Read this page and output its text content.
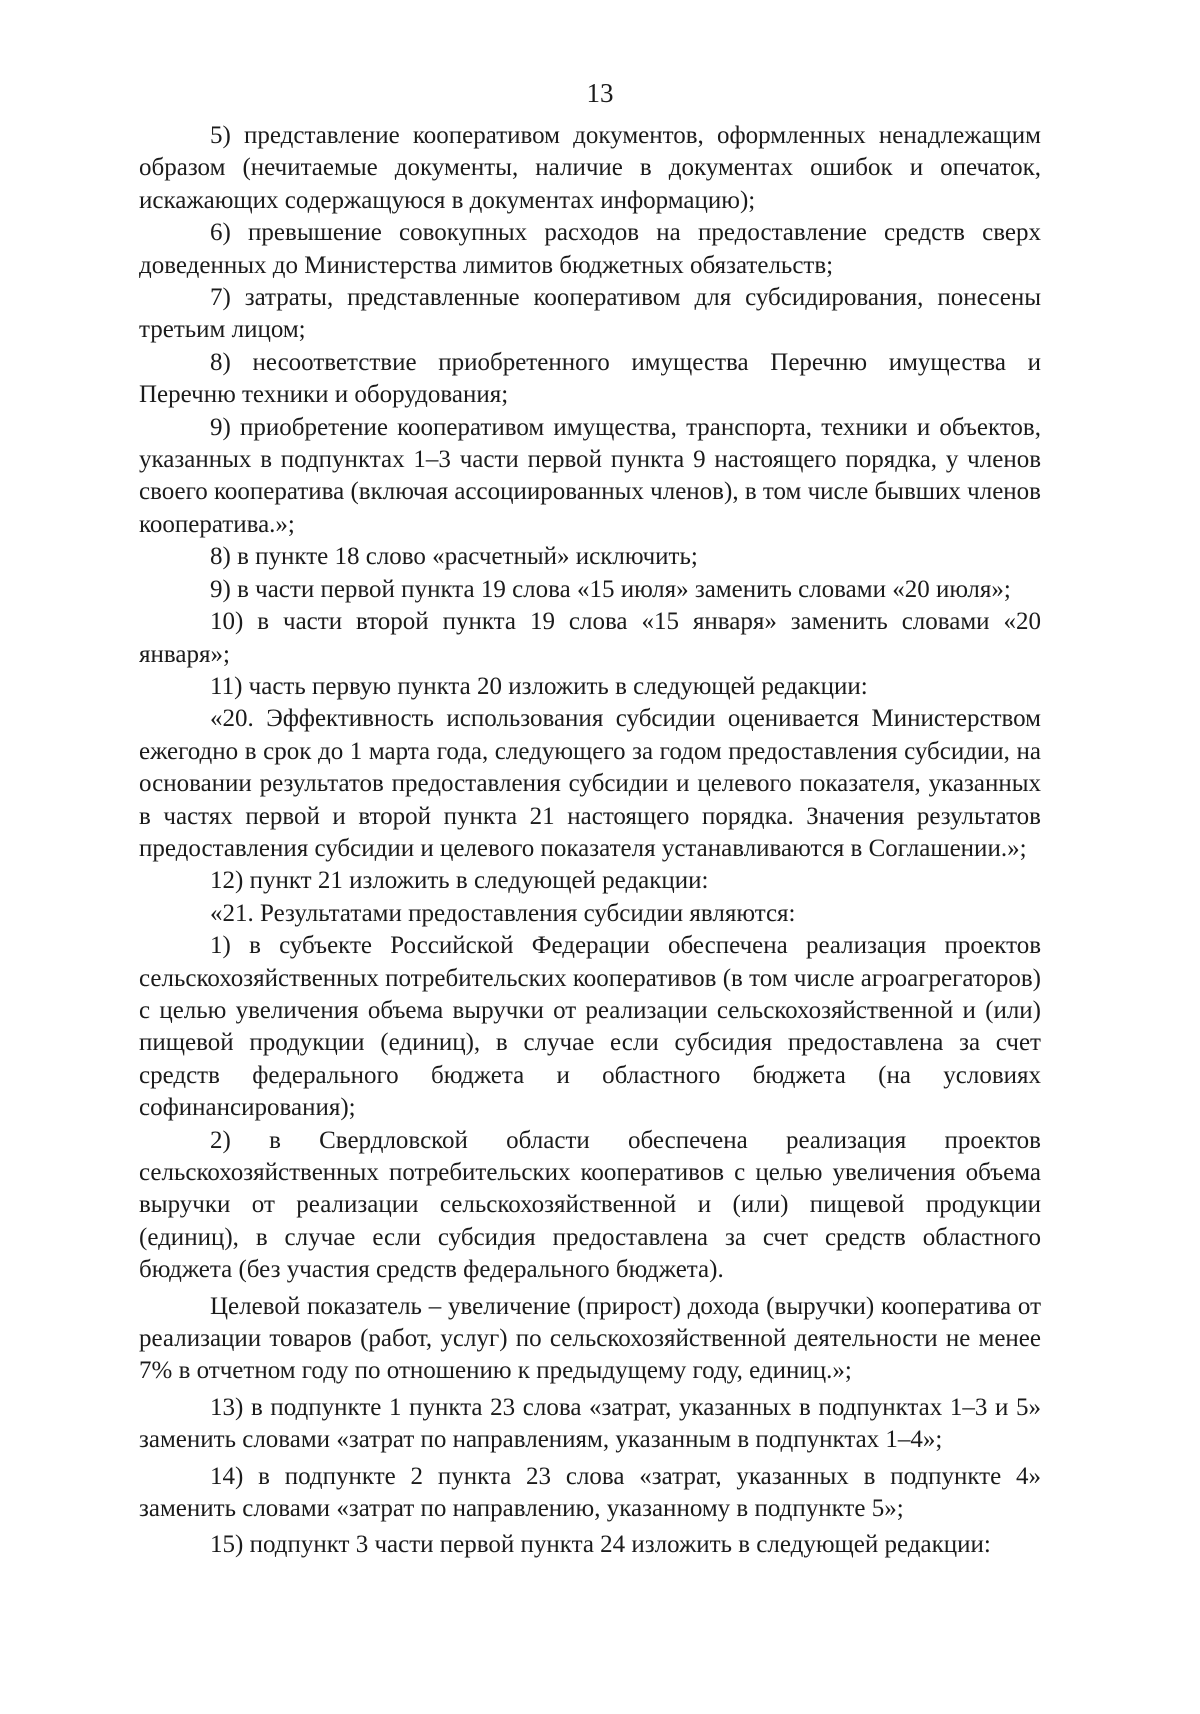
13

5) представление кооперативом документов, оформленных ненадлежащим образом (нечитаемые документы, наличие в документах ошибок и опечаток, искажающих содержащуюся в документах информацию);

6) превышение совокупных расходов на предоставление средств сверх доведенных до Министерства лимитов бюджетных обязательств;

7) затраты, представленные кооперативом для субсидирования, понесены третьим лицом;

8) несоответствие приобретенного имущества Перечню имущества и Перечню техники и оборудования;

9) приобретение кооперативом имущества, транспорта, техники и объектов, указанных в подпунктах 1–3 части первой пункта 9 настоящего порядка, у членов своего кооператива (включая ассоциированных членов), в том числе бывших членов кооператива.»;

8) в пункте 18 слово «расчетный» исключить;

9) в части первой пункта 19 слова «15 июля» заменить словами «20 июля»;

10) в части второй пункта 19 слова «15 января» заменить словами «20 января»;

11) часть первую пункта 20 изложить в следующей редакции:

«20. Эффективность использования субсидии оценивается Министерством ежегодно в срок до 1 марта года, следующего за годом предоставления субсидии, на основании результатов предоставления субсидии и целевого показателя, указанных в частях первой и второй пункта 21 настоящего порядка. Значения результатов предоставления субсидии и целевого показателя устанавливаются в Соглашении.»;

12) пункт 21 изложить в следующей редакции:

«21. Результатами предоставления субсидии являются:

1) в субъекте Российской Федерации обеспечена реализация проектов сельскохозяйственных потребительских кооперативов (в том числе агроагрегаторов) с целью увеличения объема выручки от реализации сельскохозяйственной и (или) пищевой продукции (единиц), в случае если субсидия предоставлена за счет средств федерального бюджета и областного бюджета (на условиях софинансирования);

2) в Свердловской области обеспечена реализация проектов сельскохозяйственных потребительских кооперативов с целью увеличения объема выручки от реализации сельскохозяйственной и (или) пищевой продукции (единиц), в случае если субсидия предоставлена за счет средств областного бюджета (без участия средств федерального бюджета).

Целевой показатель – увеличение (прирост) дохода (выручки) кооператива от реализации товаров (работ, услуг) по сельскохозяйственной деятельности не менее 7% в отчетном году по отношению к предыдущему году, единиц.»;

13) в подпункте 1 пункта 23 слова «затрат, указанных в подпунктах 1–3 и 5» заменить словами «затрат по направлениям, указанным в подпунктах 1–4»;

14) в подпункте 2 пункта 23 слова «затрат, указанных в подпункте 4» заменить словами «затрат по направлению, указанному в подпункте 5»;

15) подпункт 3 части первой пункта 24 изложить в следующей редакции:
